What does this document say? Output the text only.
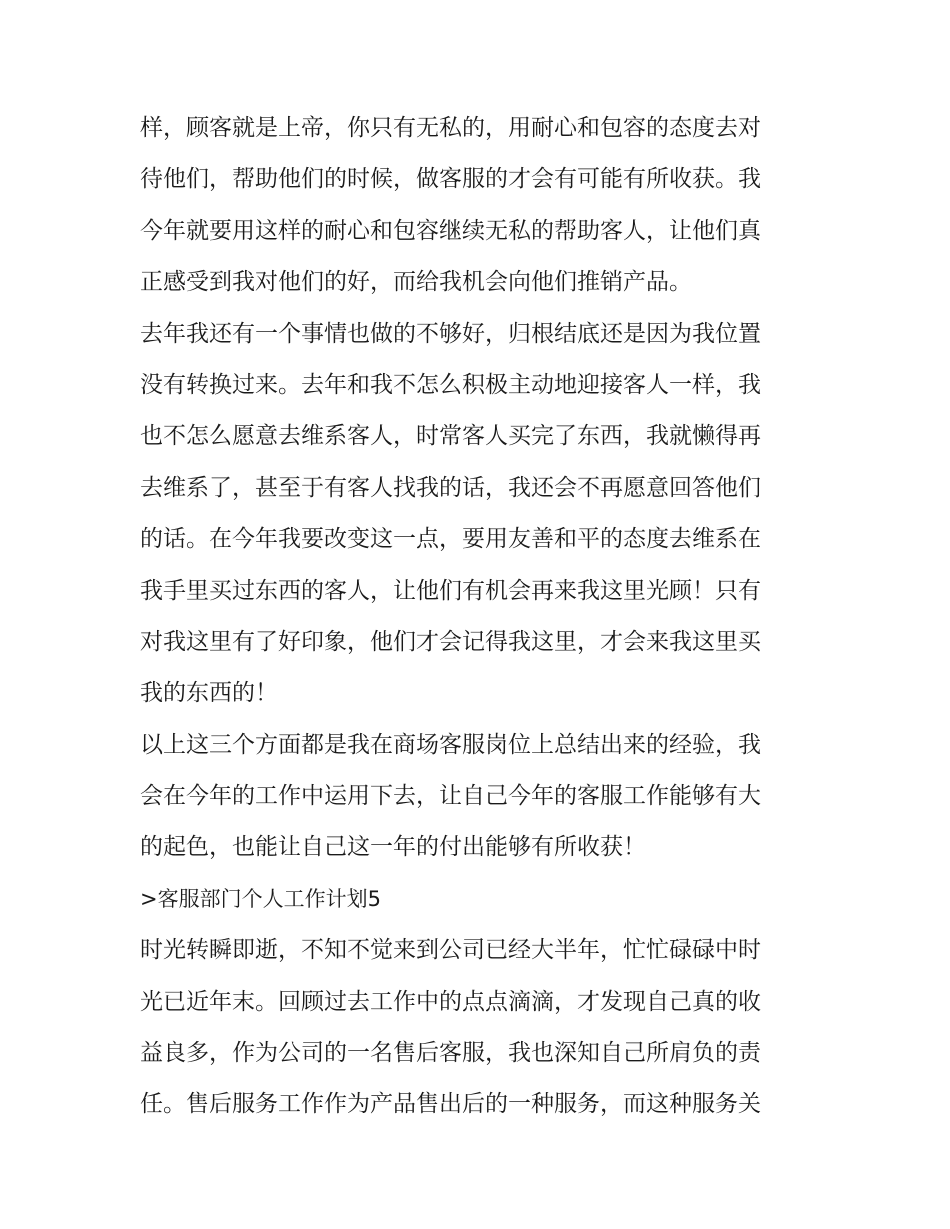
样，顾客就是上帝，你只有无私的，用耐心和包容的态度去对
待他们，帮助他们的时候，做客服的才会有可能有所收获。我
今年就要用这样的耐心和包容继续无私的帮助客人，让他们真
正感受到我对他们的好，而给我机会向他们推销产品。
去年我还有一个事情也做的不够好，归根结底还是因为我位置
没有转换过来。去年和我不怎么积极主动地迎接客人一样，我
也不怎么愿意去维系客人，时常客人买完了东西，我就懒得再
去维系了，甚至于有客人找我的话，我还会不再愿意回答他们
的话。在今年我要改变这一点，要用友善和平的态度去维系在
我手里买过东西的客人，让他们有机会再来我这里光顾！只有
对我这里有了好印象，他们才会记得我这里，才会来我这里买
我的东西的！
以上这三个方面都是我在商场客服岗位上总结出来的经验，我
会在今年的工作中运用下去，让自己今年的客服工作能够有大
的起色，也能让自己这一年的付出能够有所收获！
>客服部门个人工作计划5
时光转瞬即逝，不知不觉来到公司已经大半年，忙忙碌碌中时
光已近年末。回顾过去工作中的点点滴滴，才发现自己真的收
益良多，作为公司的一名售后客服，我也深知自己所肩负的责
任。售后服务工作作为产品售出后的一种服务，而这种服务关
